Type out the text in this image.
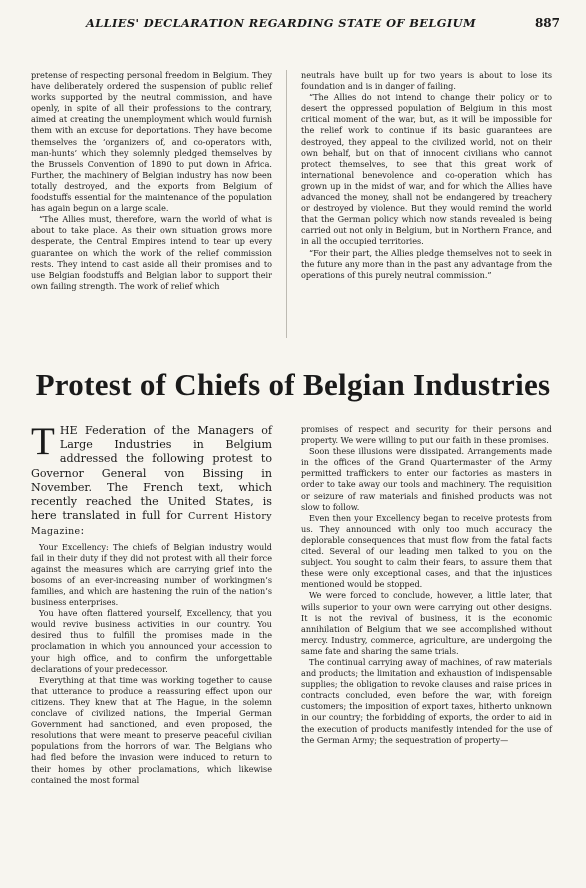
ALLIES' DECLARATION REGARDING STATE OF BELGIUM	887

pretense of respecting personal freedom in Belgium. They have deliberately ordered the suspension of public relief works supported by the neutral commission, and have openly, in spite of all their professions to the contrary, aimed at creating the unemployment which would furnish them with an excuse for deportations. They have become themselves the ‘organizers of, and co-operators with, man-hunts’ which they solemnly pledged themselves by the Brussels Convention of 1890 to put down in Africa. Further, the machinery of Belgian industry has now been totally destroyed, and the exports from Belgium of foodstuffs essential for the maintenance of the population has again begun on a large scale.

“The Allies must, therefore, warn the world of what is about to take place. As their own situation grows more desperate, the Central Empires intend to tear up every guarantee on which the work of the relief commission rests. They intend to cast aside all their promises and to use Belgian foodstuffs and Belgian labor to support their own failing strength. The work of relief which

neutrals have built up for two years is about to lose its foundation and is in danger of failing.

“The Allies do not intend to change their policy or to desert the oppressed population of Belgium in this most critical moment of the war, but, as it will be impossible for the relief work to continue if its basic guarantees are destroyed, they appeal to the civilized world, not on their own behalf, but on that of innocent civilians who cannot protect themselves, to see that this great work of international benevolence and co-operation which has grown up in the midst of war, and for which the Allies have advanced the money, shall not be endangered by treachery or destroyed by violence. But they would remind the world that the German policy which now stands revealed is being carried out not only in Belgium, but in Northern France, and in all the occupied territories.

“For their part, the Allies pledge themselves not to seek in the future any more than in the past any advantage from the operations of this purely neutral commission.”

Protest of Chiefs of Belgian Industries

THE Federation of the Managers of Large Industries in Belgium addressed the following protest to Governor General von Bissing in November. The French text, which recently reached the United States, is here translated in full for Current History Magazine:

Your Excellency: The chiefs of Belgian industry would fail in their duty if they did not protest with all their force against the measures which are carrying grief into the bosoms of an ever-increasing number of workingmen’s families, and which are hastening the ruin of the nation’s business enterprises.

You have often flattered yourself, Excellency, that you would revive business activities in our country. You desired thus to fulfill the promises made in the proclamation in which you announced your accession to your high office, and to confirm the unforgettable declarations of your predecessor.

Everything at that time was working together to cause that utterance to produce a reassuring effect upon our citizens. They knew that at The Hague, in the solemn conclave of civilized nations, the Imperial German Government had sanctioned, and even proposed, the resolutions that were meant to preserve peaceful civilian populations from the horrors of war. The Belgians who had fled before the invasion were induced to return to their homes by other proclamations, which likewise contained the most formal

promises of respect and security for their persons and property. We were willing to put our faith in these promises.

Soon these illusions were dissipated. Arrangements made in the offices of the Grand Quartermaster of the Army permitted traffickers to enter our factories as masters in order to take away our tools and machinery. The requisition or seizure of raw materials and finished products was not slow to follow.

Even then your Excellency began to receive protests from us. They announced with only too much accuracy the deplorable consequences that must flow from the fatal facts cited. Several of our leading men talked to you on the subject. You sought to calm their fears, to assure them that these were only exceptional cases, and that the injustices mentioned would be stopped.

We were forced to conclude, however, a little later, that wills superior to your own were carrying out other designs. It is not the revival of business, it is the economic annihilation of Belgium that we see accomplished without mercy. Industry, commerce, agriculture, are undergoing the same fate and sharing the same trials.

The continual carrying away of machines, of raw materials and products; the limitation and exhaustion of indispensable supplies; the obligation to revoke clauses and raise prices in contracts concluded, even before the war, with foreign customers; the imposition of export taxes, hitherto unknown in our country; the forbidding of exports, the order to aid in the execution of products manifestly intended for the use of the German Army; the sequestration of property—
